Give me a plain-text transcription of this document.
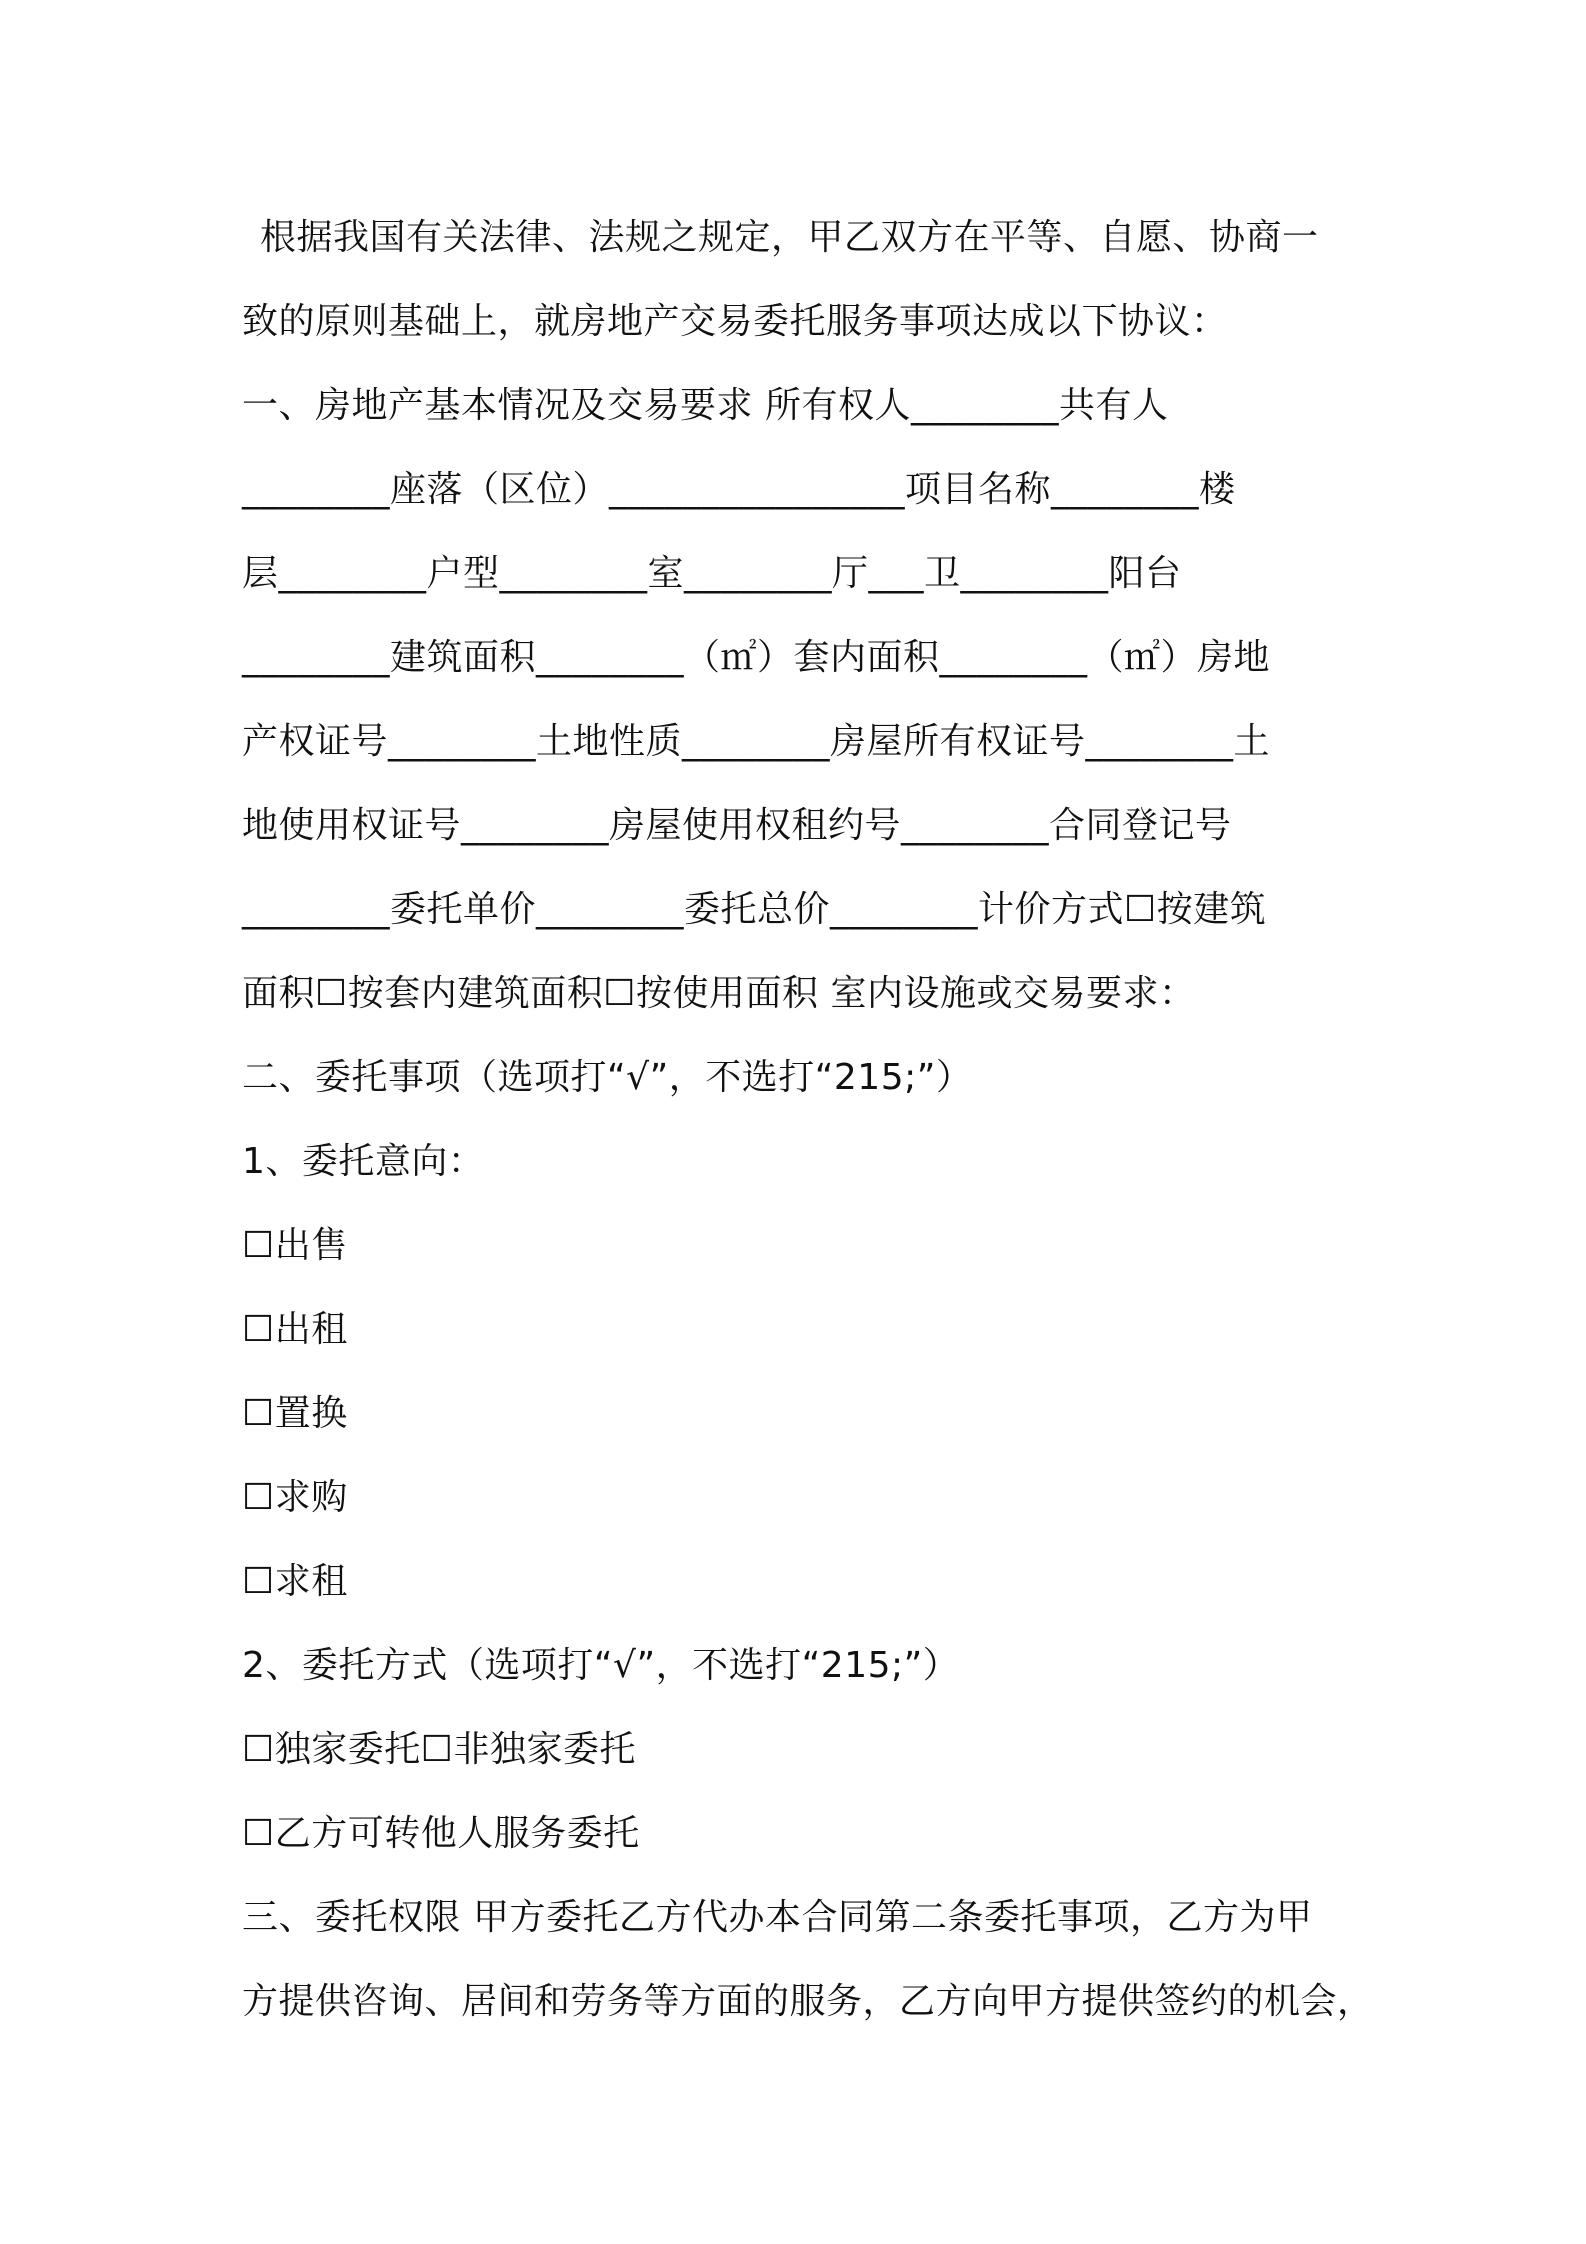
根据我国有关法律、法规之规定，甲乙双方在平等、自愿、协商一
致的原则基础上，就房地产交易委托服务事项达成以下协议：
一、房地产基本情况及交易要求 所有权人________共有人
________座落（区位）________________项目名称________楼
层________户型________室________厅___卫________阳台
________建筑面积________（㎡）套内面积________（㎡）房地
产权证号________土地性质________房屋所有权证号________土
地使用权证号________房屋使用权租约号________合同登记号
________委托单价________委托总价________计价方式☐按建筑
面积☐按套内建筑面积☐按使用面积 室内设施或交易要求：
二、委托事项（选项打“√”，不选打“215;”）
1、委托意向：
☐出售
☐出租
☐置换
☐求购
☐求租
2、委托方式（选项打“√”，不选打“215;”）
☐独家委托☐非独家委托
☐乙方可转他人服务委托
三、委托权限 甲方委托乙方代办本合同第二条委托事项，乙方为甲
方提供咨询、居间和劳务等方面的服务，乙方向甲方提供签约的机会，
